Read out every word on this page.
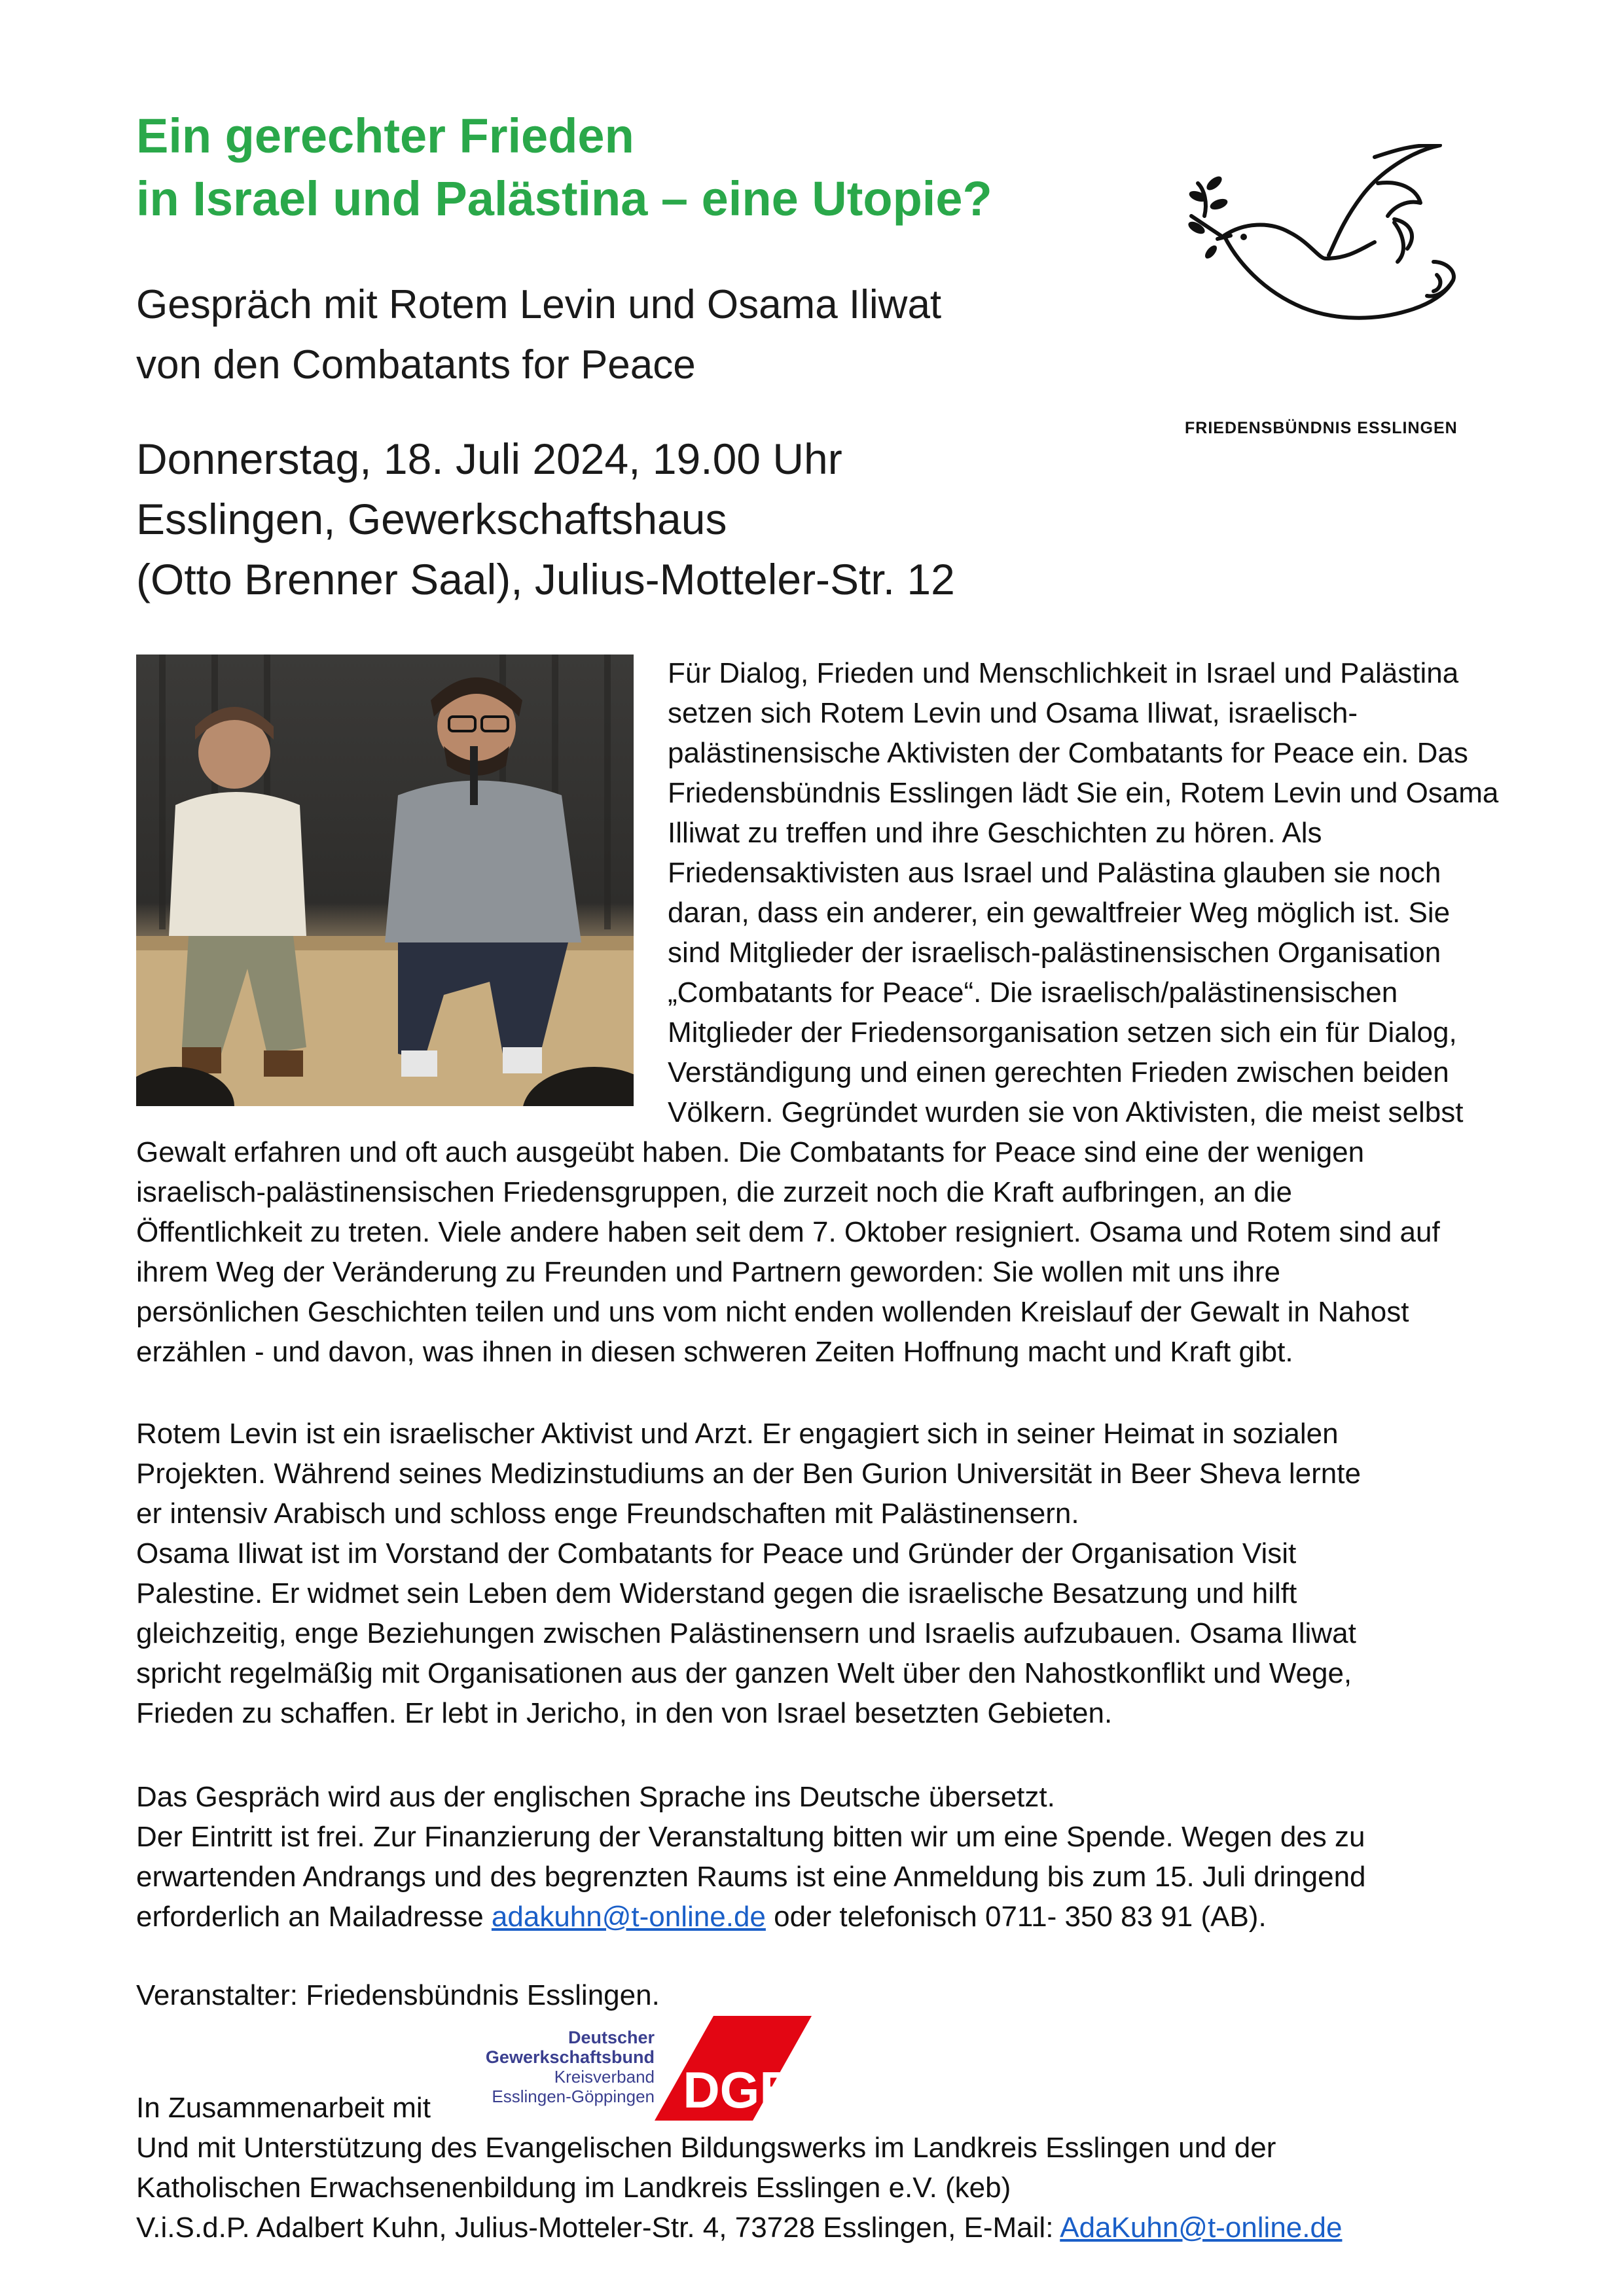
Ein gerechter Frieden
in Israel und Palästina – eine Utopie?
Gespräch mit Rotem Levin und Osama Iliwat
von den Combatants for Peace
Donnerstag, 18. Juli 2024, 19.00 Uhr
Esslingen, Gewerkschaftshaus
(Otto Brenner Saal), Julius-Motteler-Str. 12
FRIEDENSBÜNDNIS ESSLINGEN

Für Dialog, Frieden und Menschlichkeit in Israel und Palästina

setzen sich Rotem Levin und Osama Iliwat, israelisch-

palästinensische Aktivisten der Combatants for Peace ein. Das

Friedensbündnis Esslingen lädt Sie ein, Rotem Levin und Osama

Illiwat zu treffen und ihre Geschichten zu hören. Als

Friedensaktivisten aus Israel und Palästina glauben sie noch

daran, dass ein anderer, ein gewaltfreier Weg möglich ist. Sie

sind Mitglieder der israelisch-palästinensischen Organisation

„Combatants for Peace“. Die israelisch/palästinensischen

Mitglieder der Friedensorganisation setzen sich ein für Dialog,

Verständigung und einen gerechten Frieden zwischen beiden

Völkern. Gegründet wurden sie von Aktivisten, die meist selbst

Gewalt erfahren und oft auch ausgeübt haben. Die Combatants for Peace sind eine der wenigen

israelisch-palästinensischen Friedensgruppen, die zurzeit noch die Kraft aufbringen, an die

Öffentlichkeit zu treten. Viele andere haben seit dem 7. Oktober resigniert. Osama und Rotem sind auf

ihrem Weg der Veränderung zu Freunden und Partnern geworden: Sie wollen mit uns ihre

persönlichen Geschichten teilen und uns vom nicht enden wollenden Kreislauf der Gewalt in Nahost

erzählen - und davon, was ihnen in diesen schweren Zeiten Hoffnung macht und Kraft gibt.

Rotem Levin ist ein israelischer Aktivist und Arzt. Er engagiert sich in seiner Heimat in sozialen

Projekten. Während seines Medizinstudiums an der Ben Gurion Universität in Beer Sheva lernte

er intensiv Arabisch und schloss enge Freundschaften mit Palästinensern.

Osama Iliwat ist im Vorstand der Combatants for Peace und Gründer der Organisation Visit

Palestine. Er widmet sein Leben dem Widerstand gegen die israelische Besatzung und hilft

gleichzeitig, enge Beziehungen zwischen Palästinensern und Israelis aufzubauen. Osama Iliwat

spricht regelmäßig mit Organisationen aus der ganzen Welt über den Nahostkonflikt und Wege,

Frieden zu schaffen. Er lebt in Jericho, in den von Israel besetzten Gebieten.

Das Gespräch wird aus der englischen Sprache ins Deutsche übersetzt.

Der Eintritt ist frei. Zur Finanzierung der Veranstaltung bitten wir um eine Spende. Wegen des zu

erwartenden Andrangs und des begrenzten Raums ist eine Anmeldung bis zum 15. Juli dringend

erforderlich an Mailadresse adakuhn@t-online.de oder telefonisch 0711- 350 83 91 (AB).

Veranstalter: Friedensbündnis Esslingen.

Deutscher
Gewerkschaftsbund
Kreisverband
Esslingen-Göppingen DGB

In Zusammenarbeit mit

Und mit Unterstützung des Evangelischen Bildungswerks im Landkreis Esslingen und der

Katholischen Erwachsenenbildung im Landkreis Esslingen e.V. (keb)

V.i.S.d.P. Adalbert Kuhn, Julius-Motteler-Str. 4, 73728 Esslingen, E-Mail: AdaKuhn@t-online.de
